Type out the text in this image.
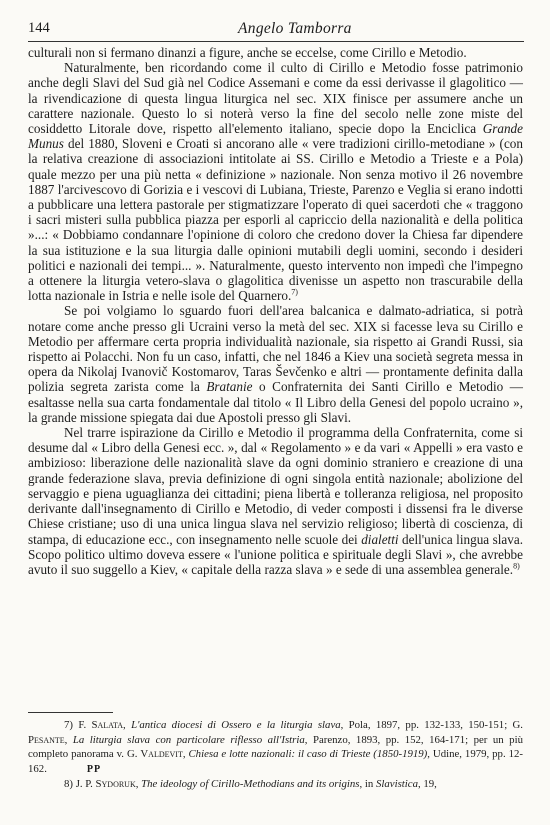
144	Angelo Tamborra

culturali non si fermano dinanzi a figure, anche se eccelse, come Cirillo e Metodio.

Naturalmente, ben ricordando come il culto di Cirillo e Metodio fosse patrimonio anche degli Slavi del Sud già nel Codice Assemani e come da essi derivasse il glagolitico — la rivendicazione di questa lingua liturgica nel sec. XIX finisce per assumere anche un carattere nazionale. Questo lo si noterà verso la fine del secolo nelle zone miste del cosiddetto Litorale dove, rispetto all'elemento italiano, specie dopo la Enciclica Grande Munus del 1880, Sloveni e Croati si ancorano alle « vere tradizioni cirillo-metodiane » (con la relativa creazione di associazioni intitolate ai SS. Cirillo e Metodio a Trieste e a Pola) quale mezzo per una più netta « definizione » nazionale. Non senza motivo il 26 novembre 1887 l'arcivescovo di Gorizia e i vescovi di Lubiana, Trieste, Parenzo e Veglia si erano indotti a pubblicare una lettera pastorale per stigmatizzare l'operato di quei sacerdoti che « traggono i sacri misteri sulla pubblica piazza per esporli al capriccio della nazionalità e della politica »...: « Dobbiamo condannare l'opinione di coloro che credono dover la Chiesa far dipendere la sua istituzione e la sua liturgia dalle opinioni mutabili degli uomini, secondo i desideri politici e nazionali dei tempi... ». Naturalmente, questo intervento non impedì che l'impegno a ottenere la liturgia vetero-slava o glagolitica divenisse un aspetto non trascurabile della lotta nazionale in Istria e nelle isole del Quarnero.$^{7)}$

Se poi volgiamo lo sguardo fuori dell'area balcanica e dalmato-adriatica, si potrà notare come anche presso gli Ucraini verso la metà del sec. XIX si facesse leva su Cirillo e Metodio per affermare certa propria individualità nazionale, sia rispetto ai Grandi Russi, sia rispetto ai Polacchi. Non fu un caso, infatti, che nel 1846 a Kiev una società segreta messa in opera da Nikolaj Ivanovič Kostomarov, Taras Ševčenko e altri — prontamente definita dalla polizia segreta zarista come la Bratanie o Confraternita dei Santi Cirillo e Metodio — esaltasse nella sua carta fondamentale dal titolo « Il Libro della Genesi del popolo ucraino », la grande missione spiegata dai due Apostoli presso gli Slavi.

Nel trarre ispirazione da Cirillo e Metodio il programma della Confraternita, come si desume dal « Libro della Genesi ecc. », dal « Regolamento » e da vari « Appelli » era vasto e ambizioso: liberazione delle nazionalità slave da ogni dominio straniero e creazione di una grande federazione slava, previa definizione di ogni singola entità nazionale; abolizione del servaggio e piena uguaglianza dei cittadini; piena libertà e tolleranza religiosa, nel proposito derivante dall'insegnamento di Cirillo e Metodio, di veder composti i dissensi fra le diverse Chiese cristiane; uso di una unica lingua slava nel servizio religioso; libertà di coscienza, di stampa, di educazione ecc., con insegnamento nelle scuole dei dialetti dell'unica lingua slava. Scopo politico ultimo doveva essere « l'unione politica e spirituale degli Slavi », che avrebbe avuto il suo suggello a Kiev, « capitale della razza slava » e sede di una assemblea generale.$^{8)}$

7) F. Salata, L'antica diocesi di Ossero e la liturgia slava, Pola, 1897, pp. 132-133, 150-151; G. Pesante, La liturgia slava con particolare riflesso all'Istria, Parenzo, 1893, pp. 152, 164-171; per un più completo panorama v. G. Valdevit, Chiesa e lotte nazionali: il caso di Trieste (1850-1919), Udine, 1979, pp. 12-162.	PP

8) J. P. Sydoruk, The ideology of Cirillo-Methodians and its origins, in Slavistica, 19,
